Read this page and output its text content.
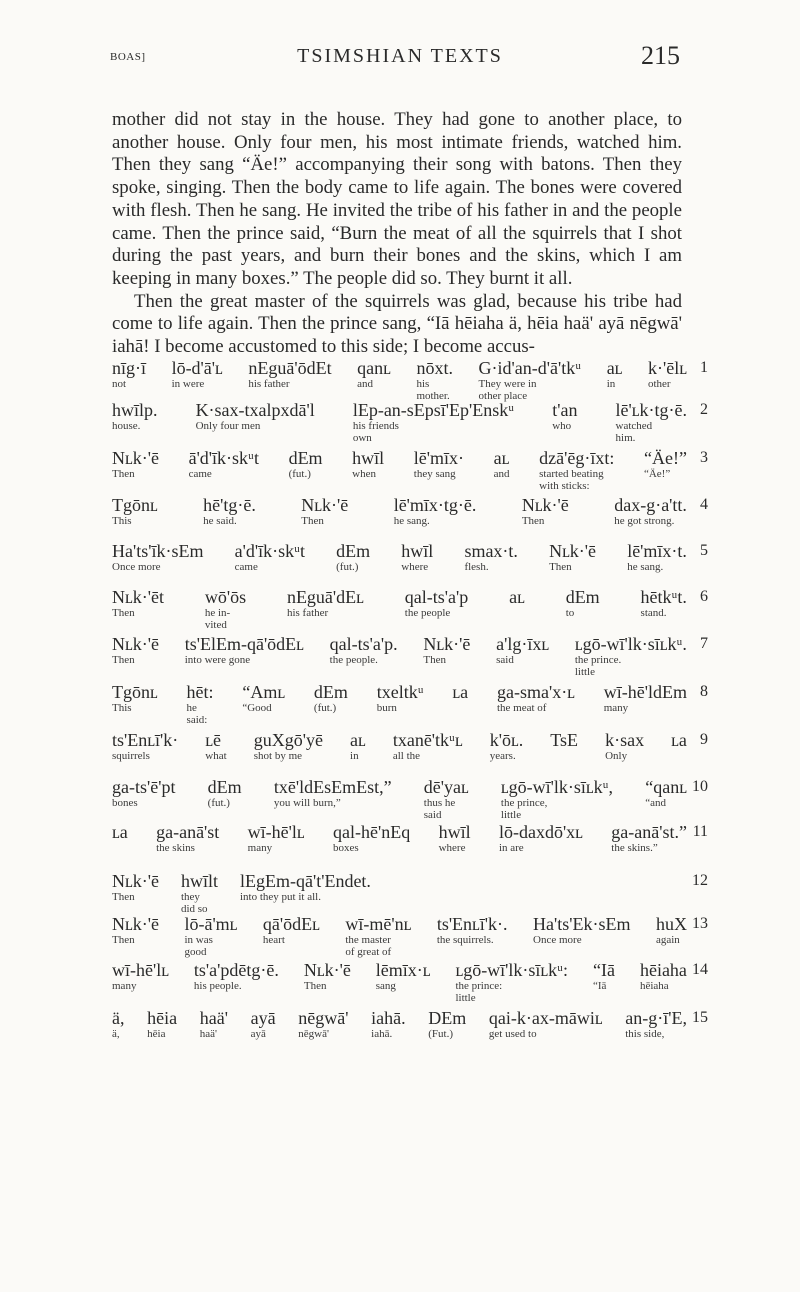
BOAS]	TSIMSHIAN TEXTS	215

mother did not stay in the house. They had gone to another place, to another house. Only four men, his most intimate friends, watched him. Then they sang “Äe!” accompanying their song with batons. Then they spoke, singing. Then the body came to life again. The bones were covered with flesh. Then he sang. He invited the tribe of his father in and the people came. Then the prince said, “Burn the meat of all the squirrels that I shot during the past years, and burn their bones and the skins, which I am keeping in many boxes.” The people did so. They burnt it all.

Then the great master of the squirrels was glad, because his tribe had come to life again. Then the prince sang, “Iā hēiaha ä, hēia haä' ayā nēgwā' iahā! I become accustomed to this side; I become accus-

nīg·ī
not
lō-d'ā'ʟ
in were
nEguā'ōdEt
his father
qanʟ
and
nōxt.
his
mother.
G·id'an-d'ā'tkᵘ
They were in
other place
aʟ
in
k·'ēlʟ
other
1
hwīlp.
house.
K·sax-txalpxdā'l
Only four men
lEp-an-sEpsī'Ep'Enskᵘ
his friends
own
t'an
who
lē'ʟk·tg·ē.
watched
him.
2
Nʟk·'ē
Then
ā'd'īk·skᵘt
came
dEm
(fut.)
hwīl
when
lē'mīx·
they sang
aʟ
and
dzā'ēg·īxt:
started beating
with sticks:
“Äe!”
“Äe!”
3
Tgōnʟ
This
hē'tg·ē.
he said.
Nʟk·'ē
Then
lē'mīx·tg·ē.
he sang.
Nʟk·'ē
Then
dax-g·a'tt.
he got strong.
4
Ha'ts'īk·sEm
Once more
a'd'īk·skᵘt
came
dEm
(fut.)
hwīl
where
smax·t.
flesh.
Nʟk·'ē
Then
lē'mīx·t.
he sang.
5
Nʟk·'ēt
Then
wō'ōs
he in-
vited
nEguā'dEʟ
his father
qal-ts'a'p
the people
aʟ dEm
to
hētkᵘt.
stand.
6
Nʟk·'ē
Then
ts'ElEm-qā'ōdEʟ
into were gone
qal-ts'a'p.
the people.
Nʟk·'ē
Then
a'lg·īxʟ
said
ʟgō-wī'lk·sīʟkᵘ.
the prince.
little
7
Tgōnʟ
This
hēt:
he
said:
“Amʟ
“Good
dEm
(fut.)
txeltkᵘ
burn
ʟa ga-sma'x·ʟ
the meat of
wī-hē'ldEm
many
8
ts'Enʟī'k·
squirrels
ʟē
what
guXgō'yē
shot by me
aʟ
in
txanē'tkᵘʟ
all the
k'ōʟ.
years.
TsE k·sax
Only
ʟa 9
ga-ts'ē'pt
bones
dEm
(fut.)
txē'ldEsEmEst,”
you will burn,”
dē'yaʟ
thus he
said
ʟgō-wī'lk·sīʟkᵘ,
the prince,
little
“qanʟ
“and
10
ʟa ga-anā'st
the skins
wī-hē'lʟ
many
qal-hē'nEq
boxes
hwīl
where
lō-daxdō'xʟ
in are
ga-anā'st.”
the skins.”
11
Nʟk·'ē
Then
hwīlt
they
did so
lEgEm-qā't'Endet.
into they put it all.
12
Nʟk·'ē
Then
lō-ā'mʟ
in was
good
qā'ōdEʟ
heart
wī-mē'nʟ
the master
of great of
ts'Enʟī'k·.
the squirrels.
Ha'ts'Ek·sEm
Once more
huX
again
13
wī-hē'lʟ
many
ts'a'pdētg·ē.
his people.
Nʟk·'ē
Then
lēmīx·ʟ
sang
ʟgō-wī'lk·sīʟkᵘ:
the prince:
little
“Iā
“Iā
hēiaha
hēiaha
14
ä,
ä,
hēia
hēia
haä'
haä'
ayā
ayā
nēgwā'
nēgwā'
iahā.
iahā.
DEm
(Fut.)
qai-k·ax-māwiʟ
get used to
an-g·ī'E,
this side,
15
